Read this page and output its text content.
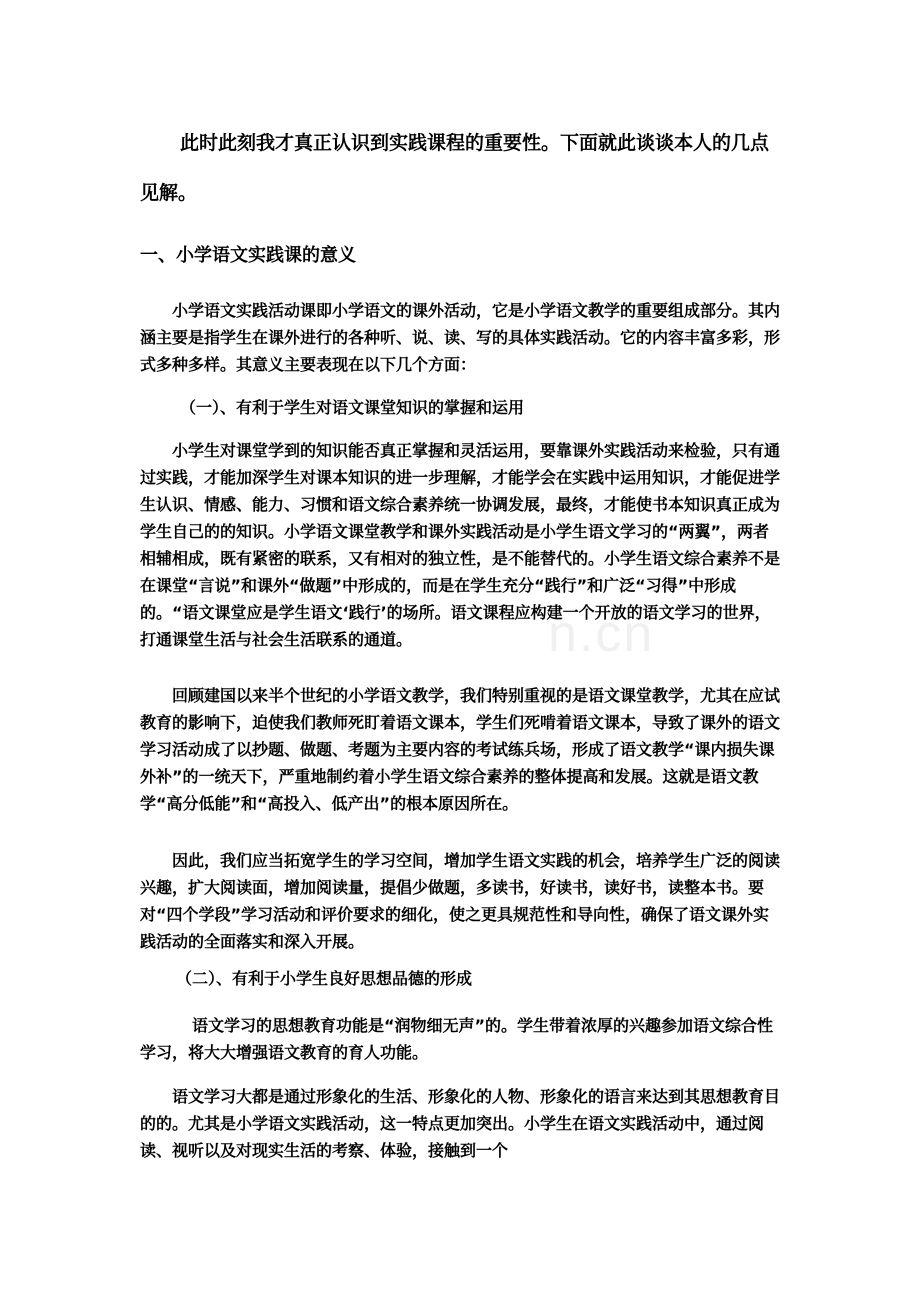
此时此刻我才真正认识到实践课程的重要性。下面就此谈谈本人的几点见解。

一、小学语文实践课的意义

小学语文实践活动课即小学语文的课外活动，它是小学语文教学的重要组成部分。其内涵主要是指学生在课外进行的各种听、说、读、写的具体实践活动。它的内容丰富多彩，形式多种多样。其意义主要表现在以下几个方面：

（一）、有利于学生对语文课堂知识的掌握和运用

小学生对课堂学到的知识能否真正掌握和灵活运用，要靠课外实践活动来检验，只有通过实践，才能加深学生对课本知识的进一步理解，才能学会在实践中运用知识，才能促进学生认识、情感、能力、习惯和语文综合素养统一协调发展，最终，才能使书本知识真正成为学生自己的的知识。小学语文课堂教学和课外实践活动是小学生语文学习的“两翼”，两者相辅相成，既有紧密的联系，又有相对的独立性，是不能替代的。小学生语文综合素养不是在课堂“言说”和课外“做题”中形成的，而是在学生充分“践行”和广泛“习得”中形成的。“语文课堂应是学生语文‘践行’的场所。语文课程应构建一个开放的语文学习的世界，打通课堂生活与社会生活联系的通道。

回顾建国以来半个世纪的小学语文教学，我们特别重视的是语文课堂教学，尤其在应试教育的影响下，迫使我们教师死盯着语文课本，学生们死啃着语文课本，导致了课外的语文学习活动成了以抄题、做题、考题为主要内容的考试练兵场，形成了语文教学“课内损失课外补”的一统天下，严重地制约着小学生语文综合素养的整体提高和发展。这就是语文教学“高分低能”和“高投入、低产出”的根本原因所在。

因此，我们应当拓宽学生的学习空间，增加学生语文实践的机会，培养学生广泛的阅读兴趣，扩大阅读面，增加阅读量，提倡少做题，多读书，好读书，读好书，读整本书。要对“四个学段”学习活动和评价要求的细化，使之更具规范性和导向性，确保了语文课外实践活动的全面落实和深入开展。

（二）、有利于小学生良好思想品德的形成

语文学习的思想教育功能是“润物细无声”的。学生带着浓厚的兴趣参加语文综合性学习，将大大增强语文教育的育人功能。

语文学习大都是通过形象化的生活、形象化的人物、形象化的语言来达到其思想教育目的的。尤其是小学语文实践活动，这一特点更加突出。小学生在语文实践活动中，通过阅读、视听以及对现实生活的考察、体验，接触到一个

n.cn
